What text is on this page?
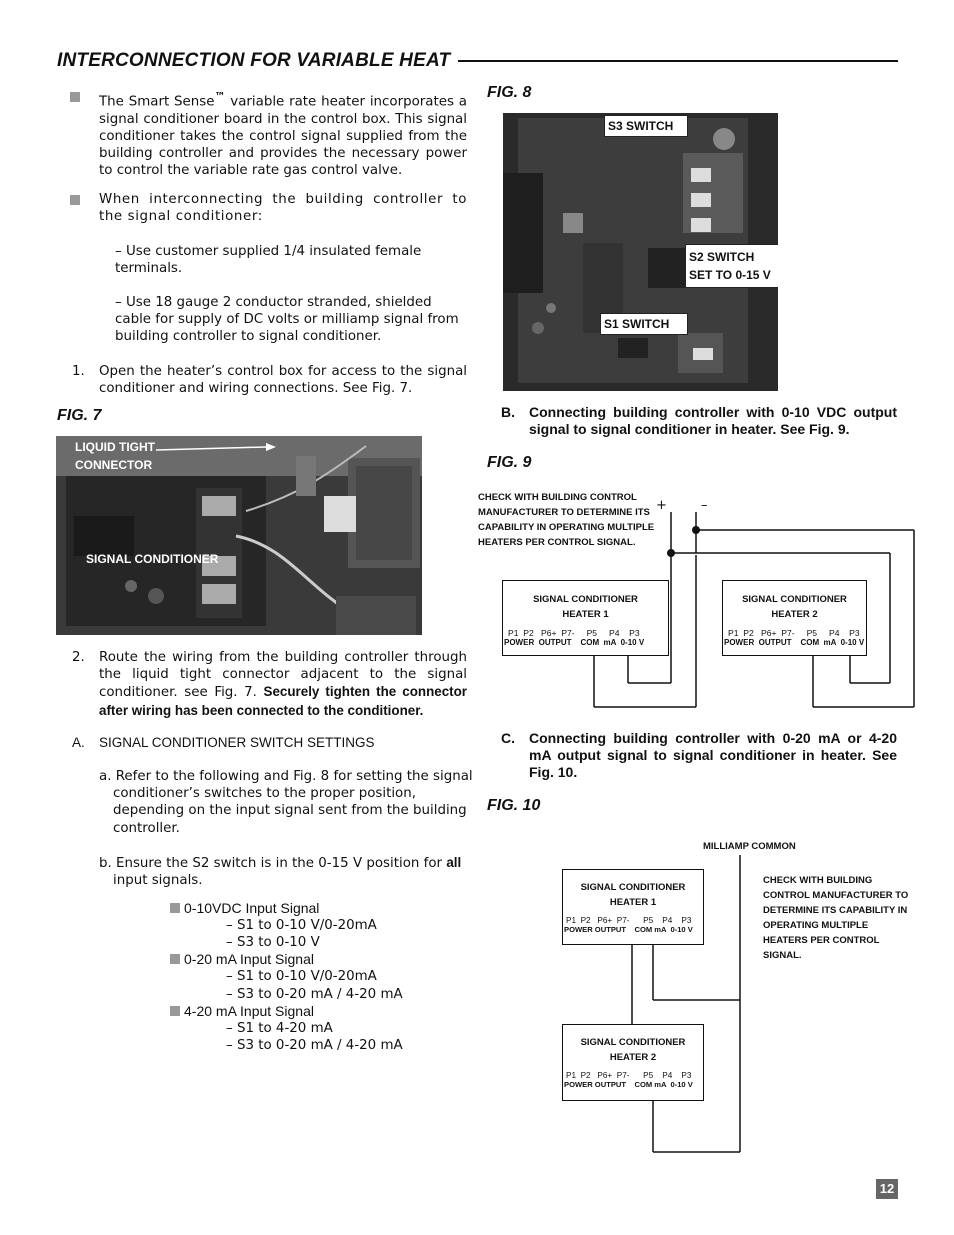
INTERCONNECTION FOR VARIABLE HEAT
The Smart Sense™ variable rate heater incorporates a signal conditioner board in the control box. This signal conditioner takes the control signal supplied from the building controller and provides the necessary power to control the variable rate gas control valve.
When interconnecting the building controller to the signal conditioner:
– Use customer supplied 1/4 insulated female terminals.
– Use 18 gauge 2 conductor stranded, shielded cable for supply of DC volts or milliamp signal from building controller to signal conditioner.
1. Open the heater’s control box for access to the signal conditioner and wiring connections. See Fig. 7.
FIG. 7
LIQUID TIGHT
CONNECTOR
SIGNAL CONDITIONER
2. Route the wiring from the building controller through the liquid tight connector adjacent to the signal conditioner. see Fig. 7. Securely tighten the connector after wiring has been connected to the conditioner.
A. SIGNAL CONDITIONER SWITCH SETTINGS
a. Refer to the following and Fig. 8 for setting the signal conditioner’s switches to the proper position, depending on the input signal sent from the building controller.
b. Ensure the S2 switch is in the 0-15 V position for all input signals.
0-10VDC Input Signal
– S1 to 0-10 V/0-20mA
– S3 to 0-10 V
0-20 mA Input Signal
– S1 to 0-10 V/0-20mA
– S3 to 0-20 mA / 4-20 mA
4-20 mA Input Signal
– S1 to 4-20 mA
– S3 to 0-20 mA / 4-20 mA
FIG. 8
S3 SWITCH
S2 SWITCH
SET TO 0-15 V
S1 SWITCH
B. Connecting building controller with 0-10 VDC output signal to signal conditioner in heater. See Fig. 9.
FIG. 9
CHECK WITH BUILDING CONTROL
MANUFACTURER TO DETERMINE ITS
CAPABILITY IN OPERATING MULTIPLE
HEATERS PER CONTROL SIGNAL.
+	–
SIGNAL CONDITIONER
HEATER 1
P1  P2   P6+  P7-     P5     P4    P3
POWER  OUTPUT    COM  mA  0-10 V
SIGNAL CONDITIONER
HEATER 2
P1  P2   P6+  P7-     P5     P4    P3
POWER  OUTPUT    COM  mA  0-10 V
C. Connecting building controller with 0-20 mA or 4-20 mA output signal to signal conditioner in heater. See Fig. 10.
FIG. 10
MILLIAMP COMMON
CHECK WITH BUILDING
CONTROL MANUFACTURER TO
DETERMINE ITS CAPABILITY IN
OPERATING MULTIPLE
HEATERS PER CONTROL
SIGNAL.
SIGNAL CONDITIONER
HEATER 1
P1  P2   P6+  P7-      P5    P4    P3
POWER OUTPUT    COM mA  0-10 V
SIGNAL CONDITIONER
HEATER 2
P1  P2   P6+  P7-      P5    P4    P3
POWER OUTPUT    COM mA  0-10 V
12
